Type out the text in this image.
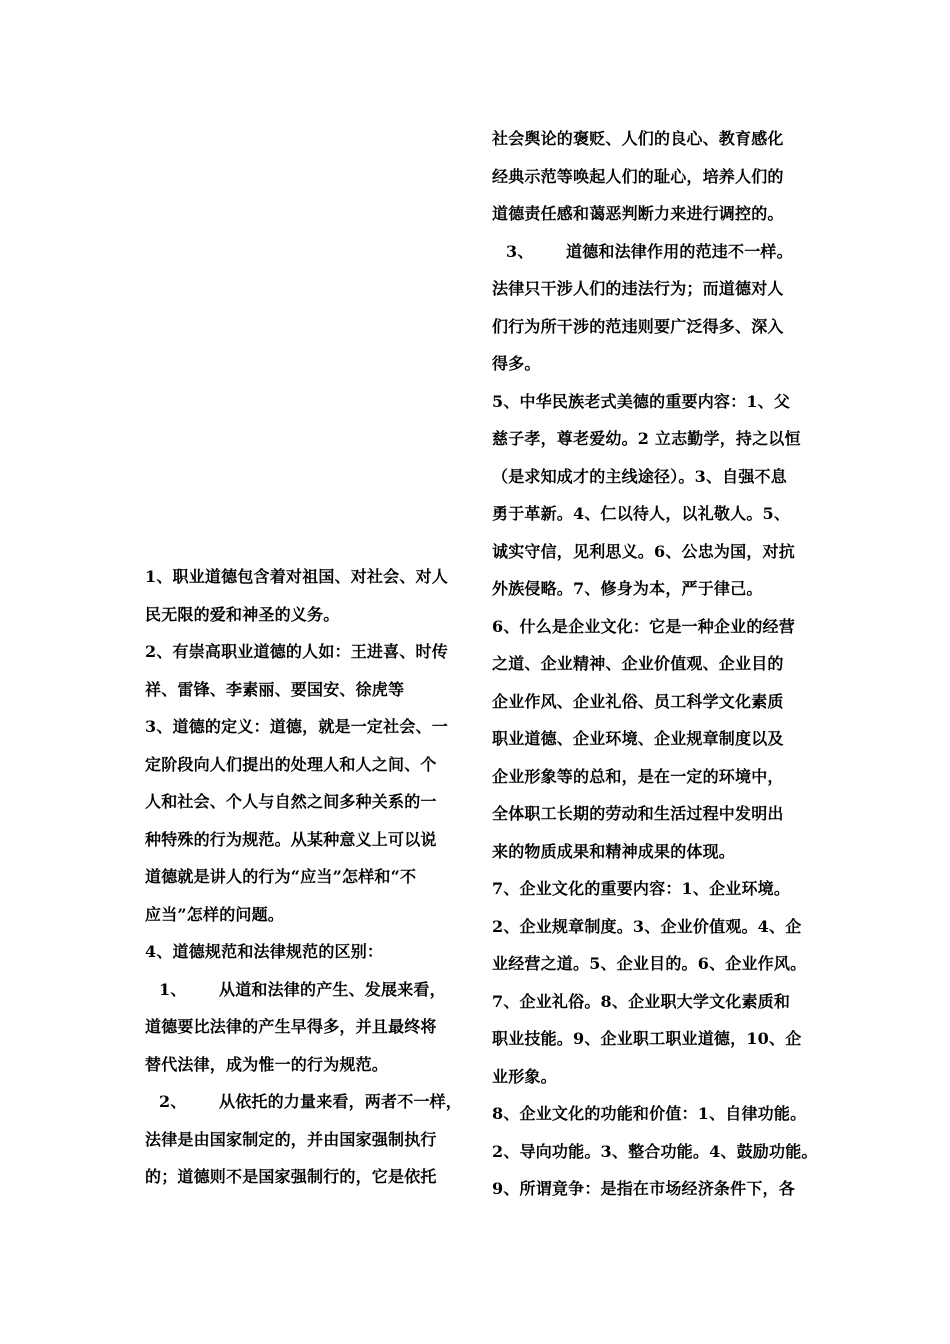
1、职业道德包含着对祖国、对社会、对人
民无限的爱和神圣的义务。
2、有崇高职业道德的人如：王进喜、时传
祥、雷锋、李素丽、要国安、徐虎等
3、道德的定义：道德，就是一定社会、一
定阶段向人们提出的处理人和人之间、个
人和社会、个人与自然之间多种关系的一
种特殊的行为规范。从某种意义上可以说
道德就是讲人的行为“应当”怎样和“不
应当”怎样的问题。
4、道德规范和法律规范的区别：
1、 从道和法律的产生、发展来看，
道德要比法律的产生早得多，并且最终将
替代法律，成为惟一的行为规范。
2、 从依托的力量来看，两者不一样，
法律是由国家制定的，并由国家强制执行
的；道德则不是国家强制行的，它是依托
社会舆论的褒贬、人们的良心、教育感化
经典示范等唤起人们的耻心，培养人们的
道德责任感和蔼恶判断力来进行调控的。
3、 道德和法律作用的范违不一样。
法律只干涉人们的违法行为；而道德对人
们行为所干涉的范违则要广泛得多、深入
得多。
5、中华民族老式美德的重要内容：1、父
慈子孝，尊老爱幼。2 立志勤学，持之以恒
（是求知成才的主线途径）。3、自强不息
勇于革新。4、仁以待人，以礼敬人。5、
诚实守信，见利思义。6、公忠为国，对抗
外族侵略。7、修身为本，严于律己。
6、什么是企业文化：它是一种企业的经营
之道、企业精神、企业价值观、企业目的
企业作风、企业礼俗、员工科学文化素质
职业道德、企业环境、企业规章制度以及
企业形象等的总和，是在一定的环境中，
全体职工长期的劳动和生活过程中发明出
来的物质成果和精神成果的体现。
7、企业文化的重要内容：1、企业环境。
2、企业规章制度。3、企业价值观。4、企
业经营之道。5、企业目的。6、企业作风。
7、企业礼俗。8、企业职大学文化素质和
职业技能。9、企业职工职业道德，10、企
业形象。
8、企业文化的功能和价值：1、自律功能。
2、导向功能。3、整合功能。4、鼓励功能。
9、所谓竟争：是指在市场经济条件下，各
